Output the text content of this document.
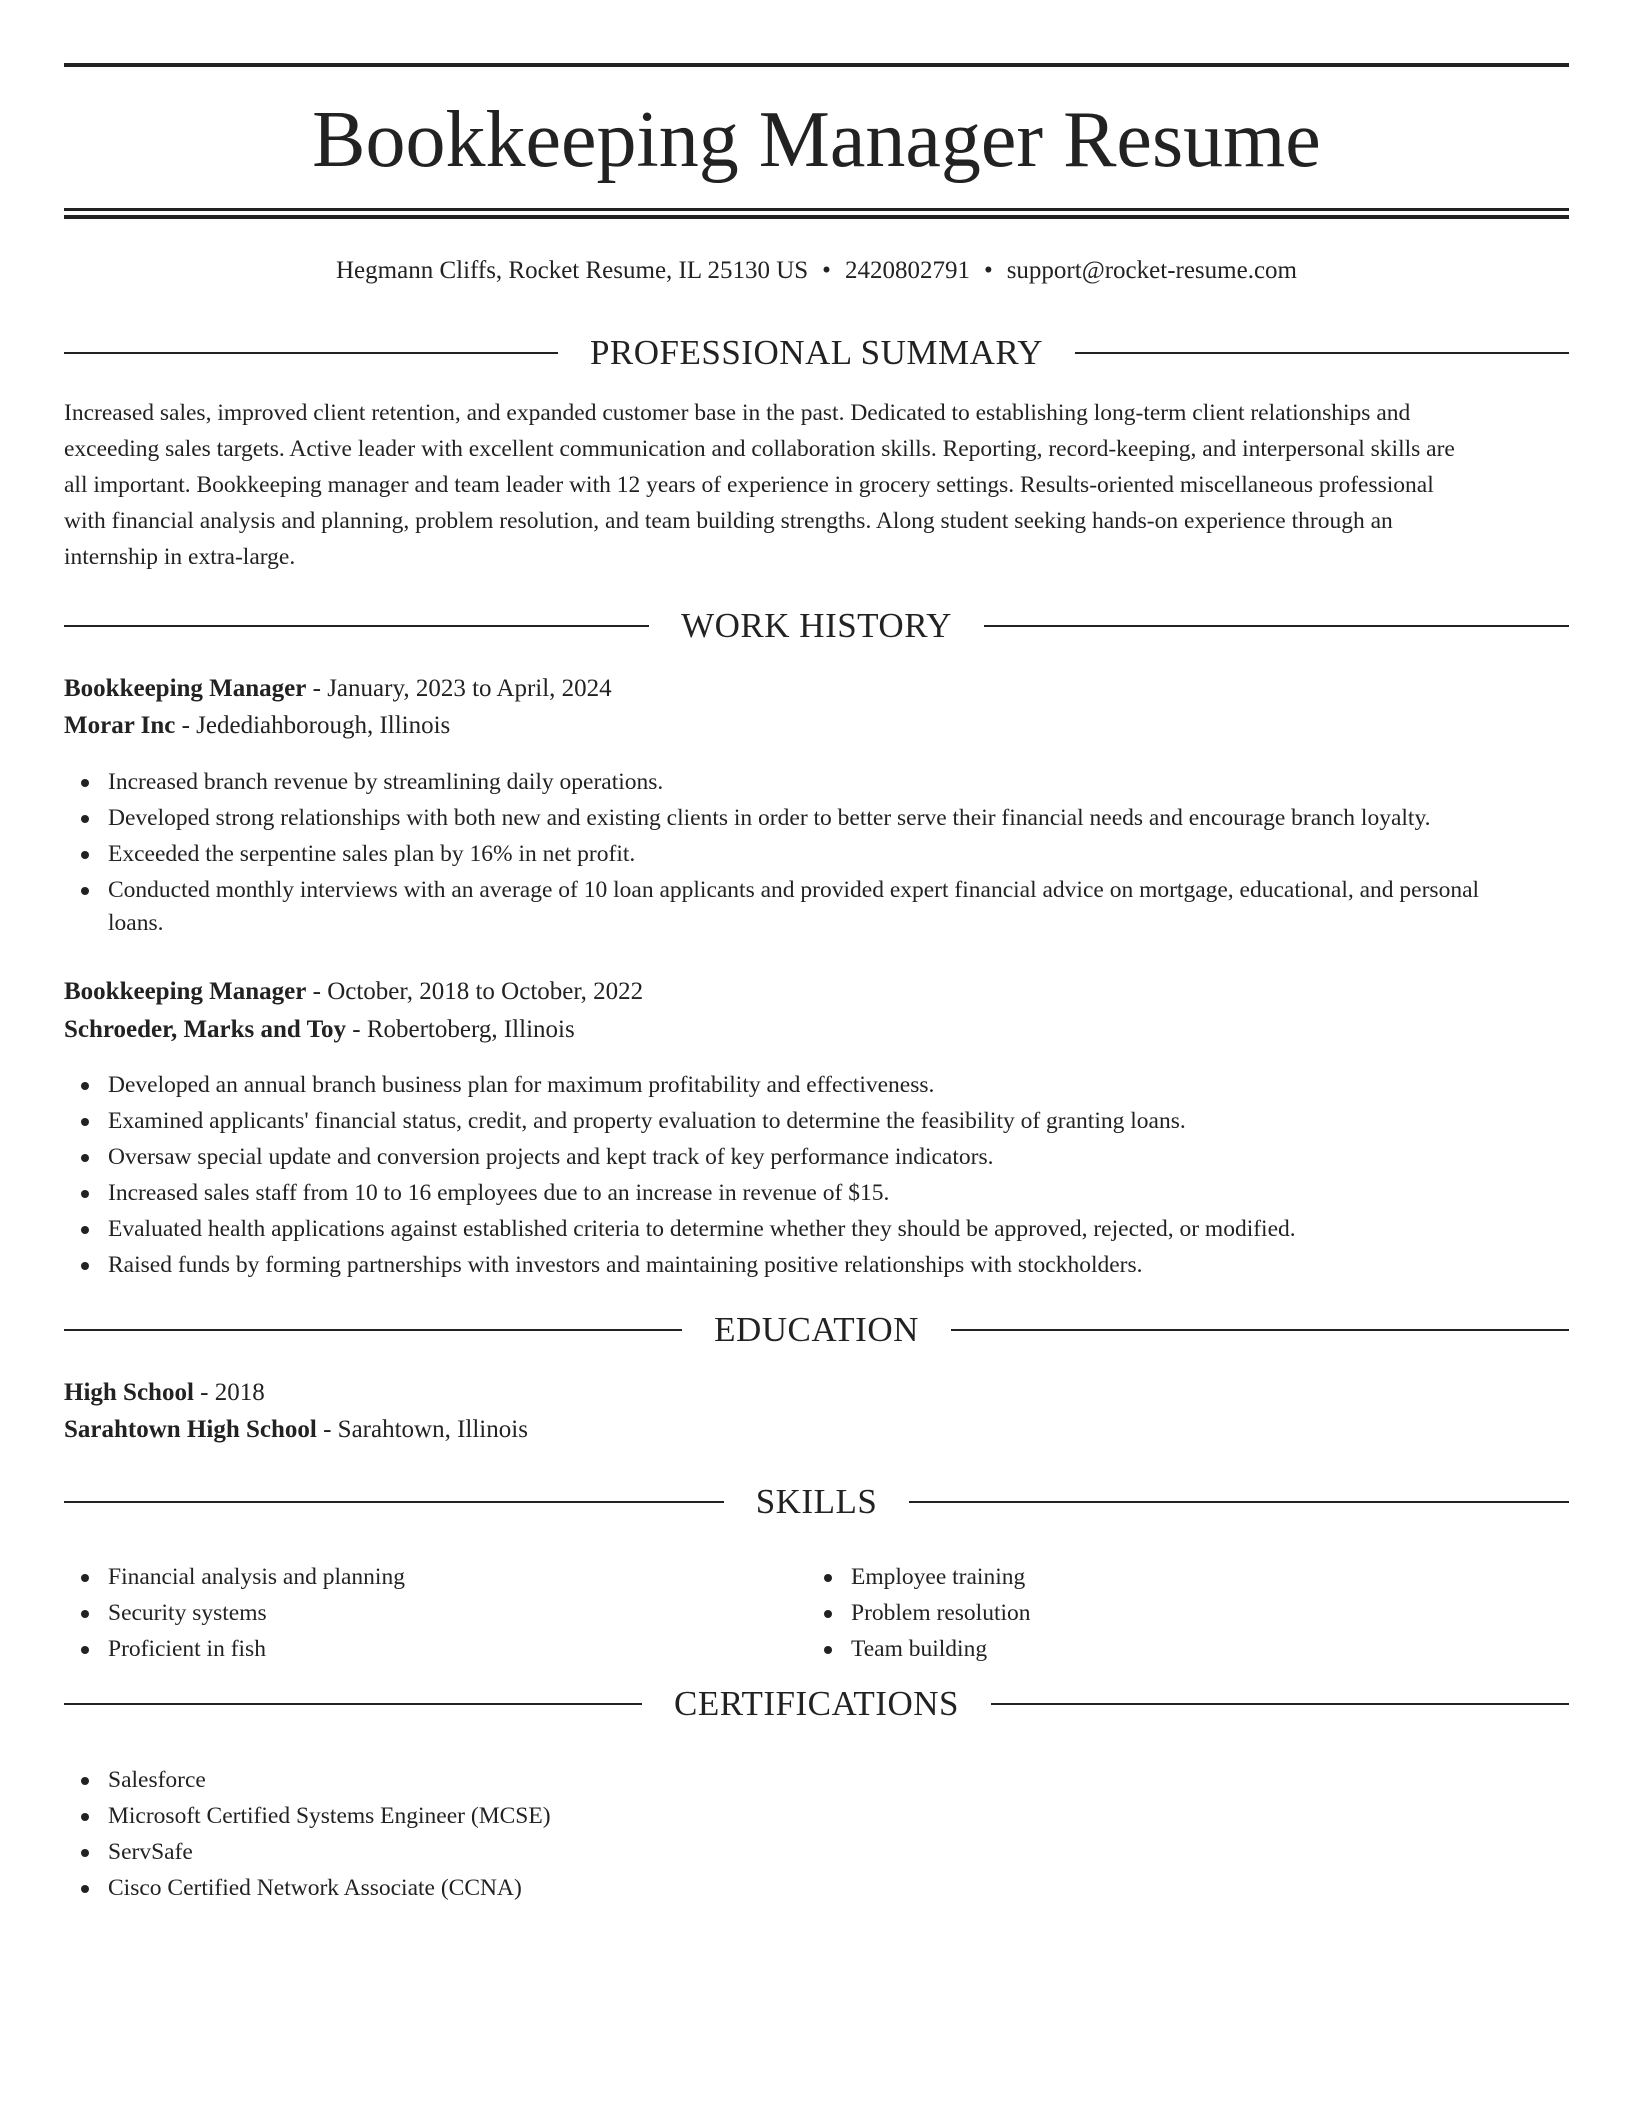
Bookkeeping Manager Resume
Hegmann Cliffs, Rocket Resume, IL 25130 US • 2420802791 • support@rocket-resume.com
PROFESSIONAL SUMMARY
Increased sales, improved client retention, and expanded customer base in the past. Dedicated to establishing long-term client relationships and
exceeding sales targets. Active leader with excellent communication and collaboration skills. Reporting, record-keeping, and interpersonal skills are
all important. Bookkeeping manager and team leader with 12 years of experience in grocery settings. Results-oriented miscellaneous professional
with financial analysis and planning, problem resolution, and team building strengths. Along student seeking hands-on experience through an
internship in extra-large.
WORK HISTORY
Bookkeeping Manager - January, 2023 to April, 2024
Morar Inc - Jedediahborough, Illinois
Increased branch revenue by streamlining daily operations.
Developed strong relationships with both new and existing clients in order to better serve their financial needs and encourage branch loyalty.
Exceeded the serpentine sales plan by 16% in net profit.
Conducted monthly interviews with an average of 10 loan applicants and provided expert financial advice on mortgage, educational, and personal
loans.
Bookkeeping Manager - October, 2018 to October, 2022
Schroeder, Marks and Toy - Robertoberg, Illinois
Developed an annual branch business plan for maximum profitability and effectiveness.
Examined applicants' financial status, credit, and property evaluation to determine the feasibility of granting loans.
Oversaw special update and conversion projects and kept track of key performance indicators.
Increased sales staff from 10 to 16 employees due to an increase in revenue of $15.
Evaluated health applications against established criteria to determine whether they should be approved, rejected, or modified.
Raised funds by forming partnerships with investors and maintaining positive relationships with stockholders.
EDUCATION
High School - 2018
Sarahtown High School - Sarahtown, Illinois
SKILLS
Financial analysis and planning
Security systems
Proficient in fish
Employee training
Problem resolution
Team building
CERTIFICATIONS
Salesforce
Microsoft Certified Systems Engineer (MCSE)
ServSafe
Cisco Certified Network Associate (CCNA)
